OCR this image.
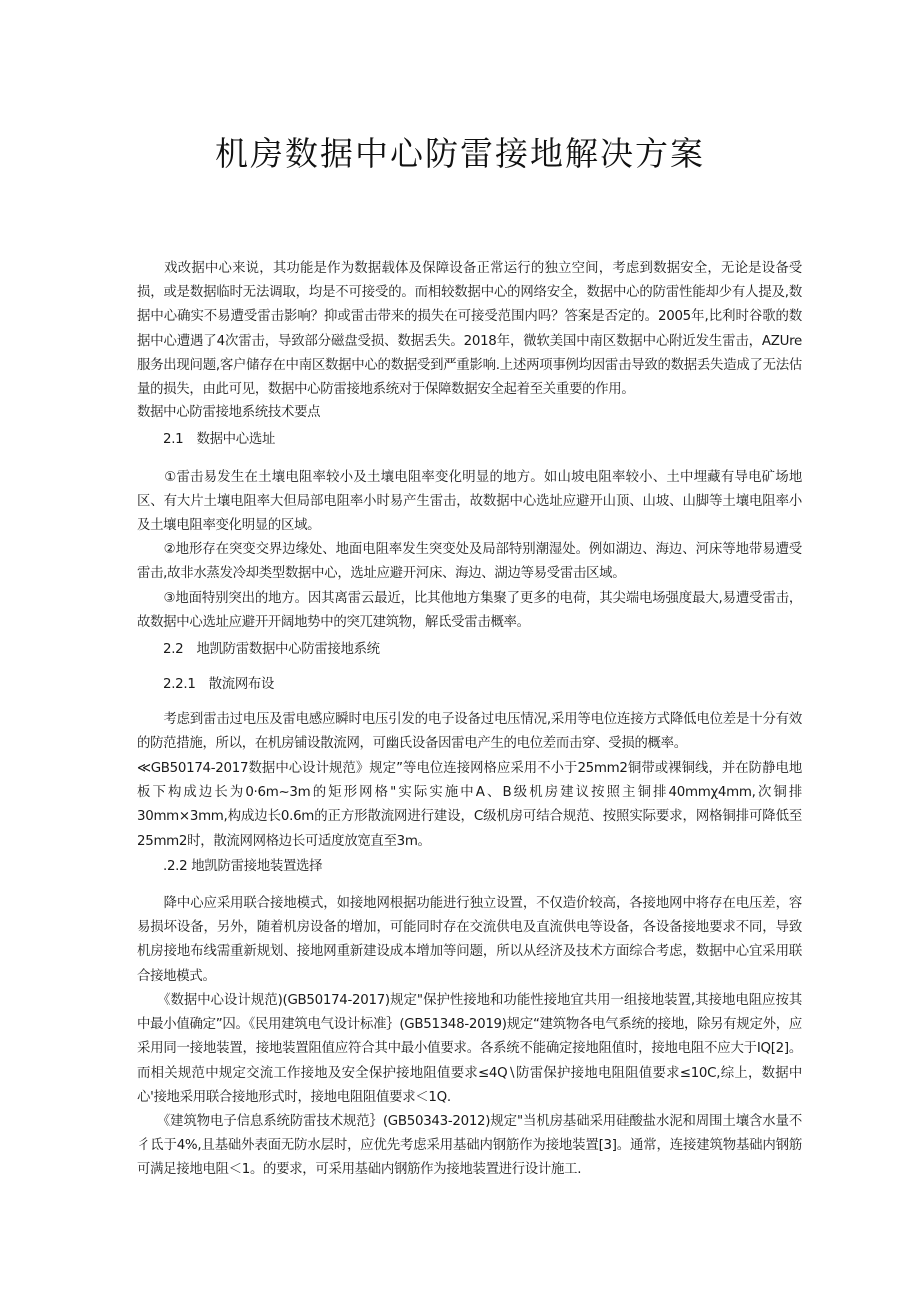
机房数据中心防雷接地解决方案

　　戏改据中心来说，其功能是作为数据载体及保障设备正常运行的独立空间，考虑到数据安全，无论是设备受损，或是数据临时无法调取，均是不可接受的。而相较数据中心的网络安全，数据中心的防雷性能却少有人提及,数据中心确实不易遭受雷击影响？抑或雷击带来的损失在可接受范围内吗？答案是否定的。2005年,比利时谷歌的数据中心遭遇了4次雷击，导致部分磁盘受损、数据丢失。2018年，微软美国中南区数据中心附近发生雷击，AZUre服务出现问题,客户储存在中南区数据中心的数据受到严重影响.上述两项事例均因雷击导致的数据丢失造成了无法估量的损失，由此可见，数据中心防雷接地系统对于保障数据安全起着至关重要的作用。

数据中心防雷接地系统技术要点

2.1　数据中心选址

　　①雷击易发生在土壤电阻率较小及土壤电阻率变化明显的地方。如山坡电阻率较小、土中埋藏有导电矿场地区、有大片土壤电阻率大但局部电阻率小时易产生雷击，故数据中心选址应避开山顶、山坡、山脚等土壤电阻率小及土壤电阻率变化明显的区域。

　　②地形存在突变交界边缘处、地面电阻率发生突变处及局部特别潮湿处。例如湖边、海边、河床等地带易遭受雷击,故非水蒸发冷却类型数据中心，选址应避开河床、海边、湖边等易受雷击区域。

　　③地面特别突出的地方。因其离雷云最近，比其他地方集聚了更多的电荷，其尖端电场强度最大,易遭受雷击，故数据中心选址应避开开阔地势中的突兀建筑物，解氐受雷击概率。

2.2　地凯防雷数据中心防雷接地系统

2.2.1　散流网布设

　　考虑到雷击过电压及雷电感应瞬时电压引发的电子设备过电压情况,采用等电位连接方式降低电位差是十分有效的防范措施，所以，在机房铺设散流网，可幽氏设备因雷电产生的电位差而击穿、受损的概率。

≪GB50174-2017数据中心设计规范》规定”等电位连接网格应采用不小于25mm2铜带或裸铜线，并在防静电地板下构成边长为0·6m~3m的矩形网格"实际实施中A、B级机房建议按照主铜排40mmχ4mm,次铜排30mm×3mm,构成边长0.6m的正方形散流网进行建设，C级机房可结合规范、按照实际要求，网格铜排可降低至25mm2时，散流网网格边长可适度放宽直至3m。

.2.2 地凯防雷接地装置选择

　　降中心应采用联合接地模式，如接地网根据功能进行独立设置，不仅造价较高，各接地网中将存在电压差，容易损坏设备，另外，随着机房设备的增加，可能同时存在交流供电及直流供电等设备，各设备接地要求不同，导致机房接地布线需重新规划、接地网重新建设成本增加等问题，所以从经济及技术方面综合考虑，数据中心宜采用联合接地模式。

　　《数据中心设计规范)(GB50174-2017)规定"保护性接地和功能性接地宜共用一组接地装置,其接地电阻应按其中最小值确定”囚。《民用建筑电气设计标准｝(GB51348-2019)规定“建筑物各电气系统的接地，除另有规定外，应采用同一接地装置，接地装置阻值应符合其中最小值要求。各系统不能确定接地阻值时，接地电阻不应大于IQ[2]。而相关规范中规定交流工作接地及安全保护接地阻值要求≤4Q∖防雷保护接地电阻阻值要求≤10C,综上，数据中心'接地采用联合接地形式时，接地电阻阻值要求＜1Q.

　　《建筑物电子信息系统防雷技术规范｝(GB50343-2012)规定"当机房基础采用硅酸盐水泥和周围土壤含水量不彳氐于4%,且基础外表面无防水层时，应优先考虑采用基础内钢筋作为接地装置[3]。通常，连接建筑物基础内钢筋可满足接地电阻＜1。的要求，可采用基础内钢筋作为接地装置进行设计施工.
